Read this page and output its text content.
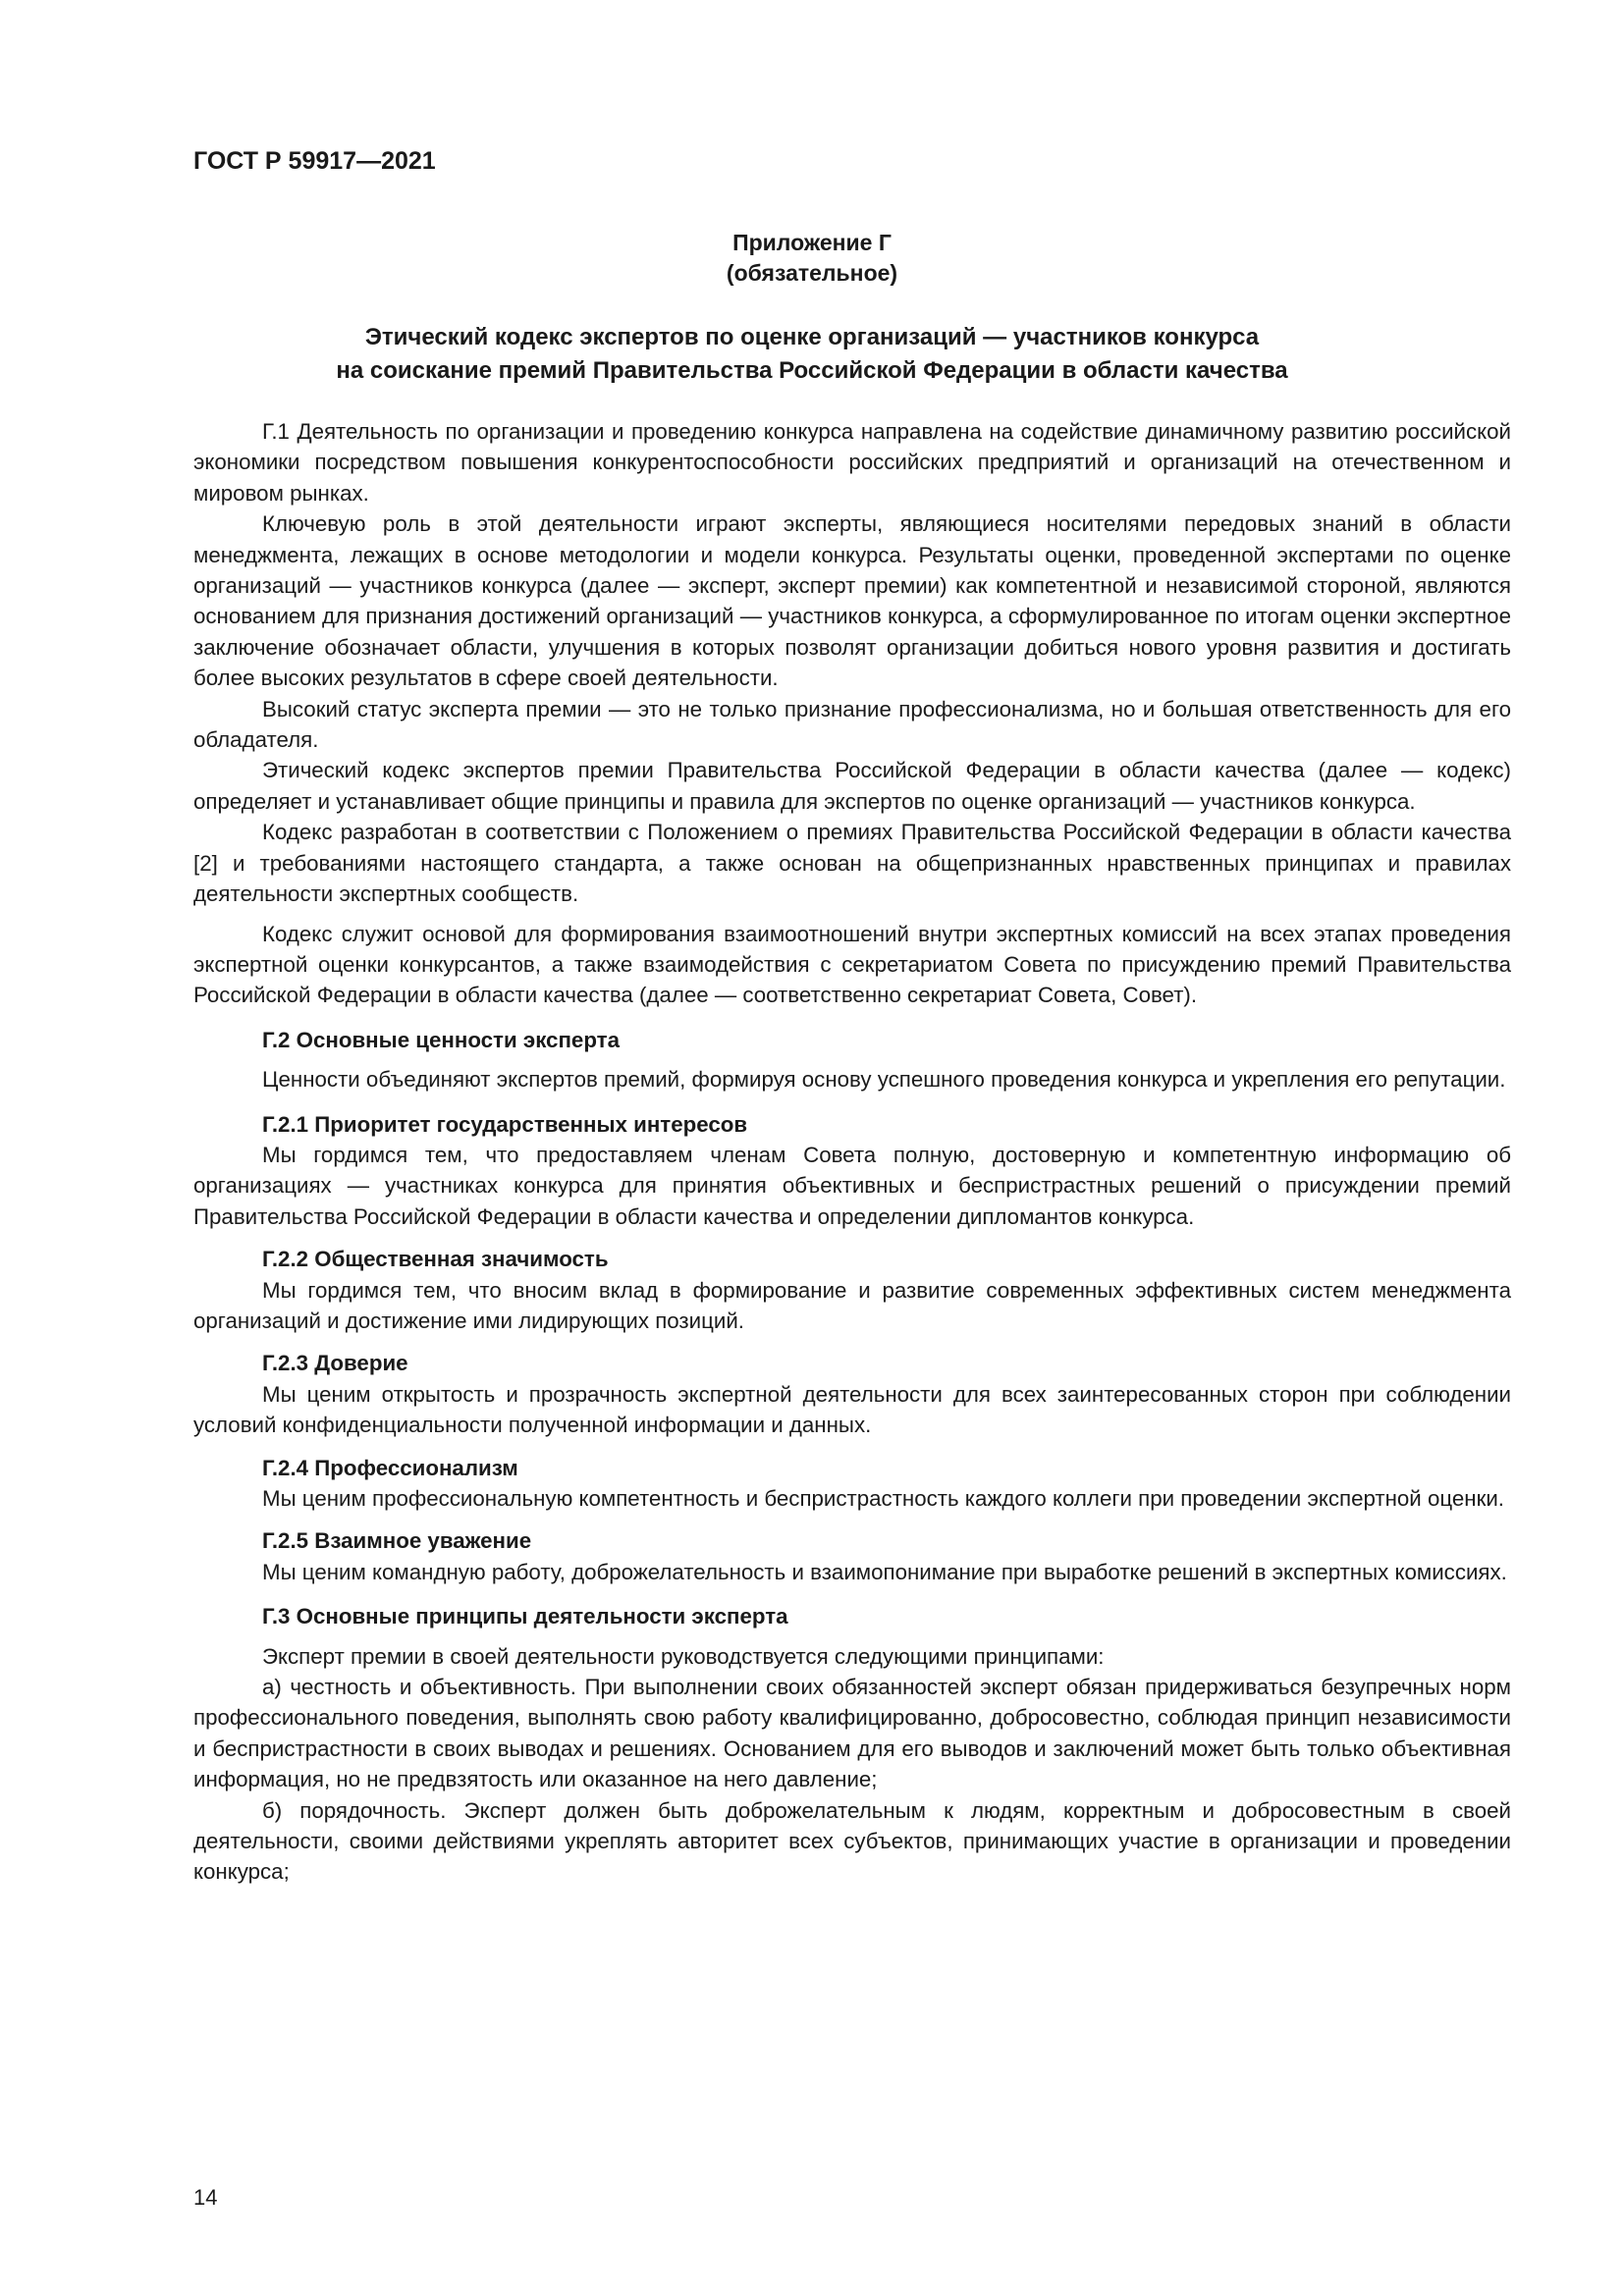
ГОСТ Р 59917—2021
Приложение Г
(обязательное)
Этический кодекс экспертов по оценке организаций — участников конкурса
на соискание премий Правительства Российской Федерации в области качества

Г.1 Деятельность по организации и проведению конкурса направлена на содействие динамичному развитию российской экономики посредством повышения конкурентоспособности российских предприятий и организаций на отечественном и мировом рынках.

Ключевую роль в этой деятельности играют эксперты, являющиеся носителями передовых знаний в области менеджмента, лежащих в основе методологии и модели конкурса. Результаты оценки, проведенной экспертами по оценке организаций — участников конкурса (далее — эксперт, эксперт премии) как компетентной и независимой стороной, являются основанием для признания достижений организаций — участников конкурса, а сформулированное по итогам оценки экспертное заключение обозначает области, улучшения в которых позволят организации добиться нового уровня развития и достигать более высоких результатов в сфере своей деятельности.

Высокий статус эксперта премии — это не только признание профессионализма, но и большая ответственность для его обладателя.

Этический кодекс экспертов премии Правительства Российской Федерации в области качества (далее — кодекс) определяет и устанавливает общие принципы и правила для экспертов по оценке организаций — участников конкурса.

Кодекс разработан в соответствии с Положением о премиях Правительства Российской Федерации в области качества [2] и требованиями настоящего стандарта, а также основан на общепризнанных нравственных принципах и правилах деятельности экспертных сообществ.

Кодекс служит основой для формирования взаимоотношений внутри экспертных комиссий на всех этапах проведения экспертной оценки конкурсантов, а также взаимодействия с секретариатом Совета по присуждению премий Правительства Российской Федерации в области качества (далее — соответственно секретариат Совета, Совет).

Г.2 Основные ценности эксперта

Ценности объединяют экспертов премий, формируя основу успешного проведения конкурса и укрепления его репутации.

Г.2.1 Приоритет государственных интересов

Мы гордимся тем, что предоставляем членам Совета полную, достоверную и компетентную информацию об организациях — участниках конкурса для принятия объективных и беспристрастных решений о присуждении премий Правительства Российской Федерации в области качества и определении дипломантов конкурса.

Г.2.2 Общественная значимость

Мы гордимся тем, что вносим вклад в формирование и развитие современных эффективных систем менеджмента организаций и достижение ими лидирующих позиций.

Г.2.3 Доверие

Мы ценим открытость и прозрачность экспертной деятельности для всех заинтересованных сторон при соблюдении условий конфиденциальности полученной информации и данных.

Г.2.4 Профессионализм

Мы ценим профессиональную компетентность и беспристрастность каждого коллеги при проведении экспертной оценки.

Г.2.5 Взаимное уважение

Мы ценим командную работу, доброжелательность и взаимопонимание при выработке решений в экспертных комиссиях.

Г.3 Основные принципы деятельности эксперта

Эксперт премии в своей деятельности руководствуется следующими принципами:

а) честность и объективность. При выполнении своих обязанностей эксперт обязан придерживаться безупречных норм профессионального поведения, выполнять свою работу квалифицированно, добросовестно, соблюдая принцип независимости и беспристрастности в своих выводах и решениях. Основанием для его выводов и заключений может быть только объективная информация, но не предвзятость или оказанное на него давление;

б) порядочность. Эксперт должен быть доброжелательным к людям, корректным и добросовестным в своей деятельности, своими действиями укреплять авторитет всех субъектов, принимающих участие в организации и проведении конкурса;

14
